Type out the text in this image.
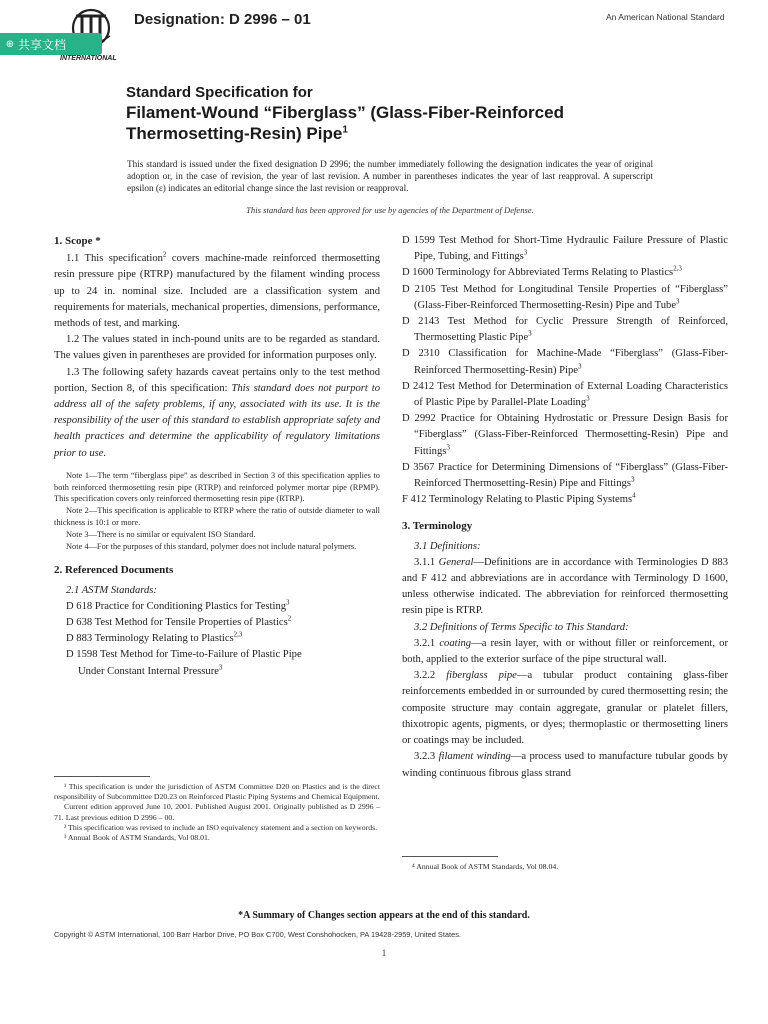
Designation: D 2996 – 01	An American National Standard
⊕ 共享文档
INTERNATIONAL
Standard Specification for
Filament-Wound “Fiberglass” (Glass-Fiber-Reinforced
Thermosetting-Resin) Pipe$^1$
This standard is issued under the fixed designation D 2996; the number immediately following the designation indicates the year of original adoption or, in the case of revision, the year of last revision. A number in parentheses indicates the year of last reapproval. A superscript epsilon (ε) indicates an editorial change since the last revision or reapproval.
This standard has been approved for use by agencies of the Department of Defense.

1. Scope *

1.1 This specification$^2$ covers machine-made reinforced thermosetting resin pressure pipe (RTRP) manufactured by the filament winding process up to 24 in. nominal size. Included are a classification system and requirements for materials, mechanical properties, dimensions, performance, methods of test, and marking.

1.2 The values stated in inch-pound units are to be regarded as standard. The values given in parentheses are provided for information purposes only.

1.3 The following safety hazards caveat pertains only to the test method portion, Section 8, of this specification: This standard does not purport to address all of the safety problems, if any, associated with its use. It is the responsibility of the user of this standard to establish appropriate safety and health practices and determine the applicability of regulatory limitations prior to use.

Note 1—The term “fiberglass pipe” as described in Section 3 of this specification applies to both reinforced thermosetting resin pipe (RTRP) and reinforced polymer mortar pipe (RPMP). This specification covers only reinforced thermosetting resin pipe (RTRP).

Note 2—This specification is applicable to RTRP where the ratio of outside diameter to wall thickness is 10:1 or more.

Note 3—There is no similar or equivalent ISO Standard.

Note 4—For the purposes of this standard, polymer does not include natural polymers.

2. Referenced Documents

2.1 ASTM Standards:

D 618 Practice for Conditioning Plastics for Testing$^3$

D 638 Test Method for Tensile Properties of Plastics$^2$

D 883 Terminology Relating to Plastics$^{2,3}$

D 1598 Test Method for Time-to-Failure of Plastic Pipe
Under Constant Internal Pressure$^3$

D 1599 Test Method for Short-Time Hydraulic Failure Pressure of Plastic Pipe, Tubing, and Fittings$^3$

D 1600 Terminology for Abbreviated Terms Relating to Plastics$^{2,3}$

D 2105 Test Method for Longitudinal Tensile Properties of “Fiberglass” (Glass-Fiber-Reinforced Thermosetting-Resin) Pipe and Tube$^3$

D 2143 Test Method for Cyclic Pressure Strength of Reinforced, Thermosetting Plastic Pipe$^3$

D 2310 Classification for Machine-Made “Fiberglass” (Glass-Fiber-Reinforced Thermosetting-Resin) Pipe$^3$

D 2412 Test Method for Determination of External Loading Characteristics of Plastic Pipe by Parallel-Plate Loading$^3$

D 2992 Practice for Obtaining Hydrostatic or Pressure Design Basis for “Fiberglass” (Glass-Fiber-Reinforced Thermosetting-Resin) Pipe and Fittings$^3$

D 3567 Practice for Determining Dimensions of “Fiberglass” (Glass-Fiber-Reinforced Thermosetting-Resin) Pipe and Fittings$^3$

F 412 Terminology Relating to Plastic Piping Systems$^4$

3. Terminology

3.1 Definitions:

3.1.1 General—Definitions are in accordance with Terminologies D 883 and F 412 and abbreviations are in accordance with Terminology D 1600, unless otherwise indicated. The abbreviation for reinforced thermosetting resin pipe is RTRP.

3.2 Definitions of Terms Specific to This Standard:

3.2.1 coating—a resin layer, with or without filler or reinforcement, or both, applied to the exterior surface of the pipe structural wall.

3.2.2 fiberglass pipe—a tubular product containing glass-fiber reinforcements embedded in or surrounded by cured thermosetting resin; the composite structure may contain aggregate, granular or platelet fillers, thixotropic agents, pigments, or dyes; thermoplastic or thermosetting liners or coatings may be included.

3.2.3 filament winding—a process used to manufacture tubular goods by winding continuous fibrous glass strand

¹ This specification is under the jurisdiction of ASTM Committee D20 on Plastics and is the direct responsibility of Subcommittee D20.23 on Reinforced Plastic Piping Systems and Chemical Equipment.

Current edition approved June 10, 2001. Published August 2001. Originally published as D 2996 – 71. Last previous edition D 2996 – 00.

² This specification was revised to include an ISO equivalency statement and a section on keywords.

³ Annual Book of ASTM Standards, Vol 08.01.

⁴ Annual Book of ASTM Standards, Vol 08.04.

*A Summary of Changes section appears at the end of this standard.
Copyright © ASTM International, 100 Barr Harbor Drive, PO Box C700, West Conshohocken, PA 19428-2959, United States.
1
